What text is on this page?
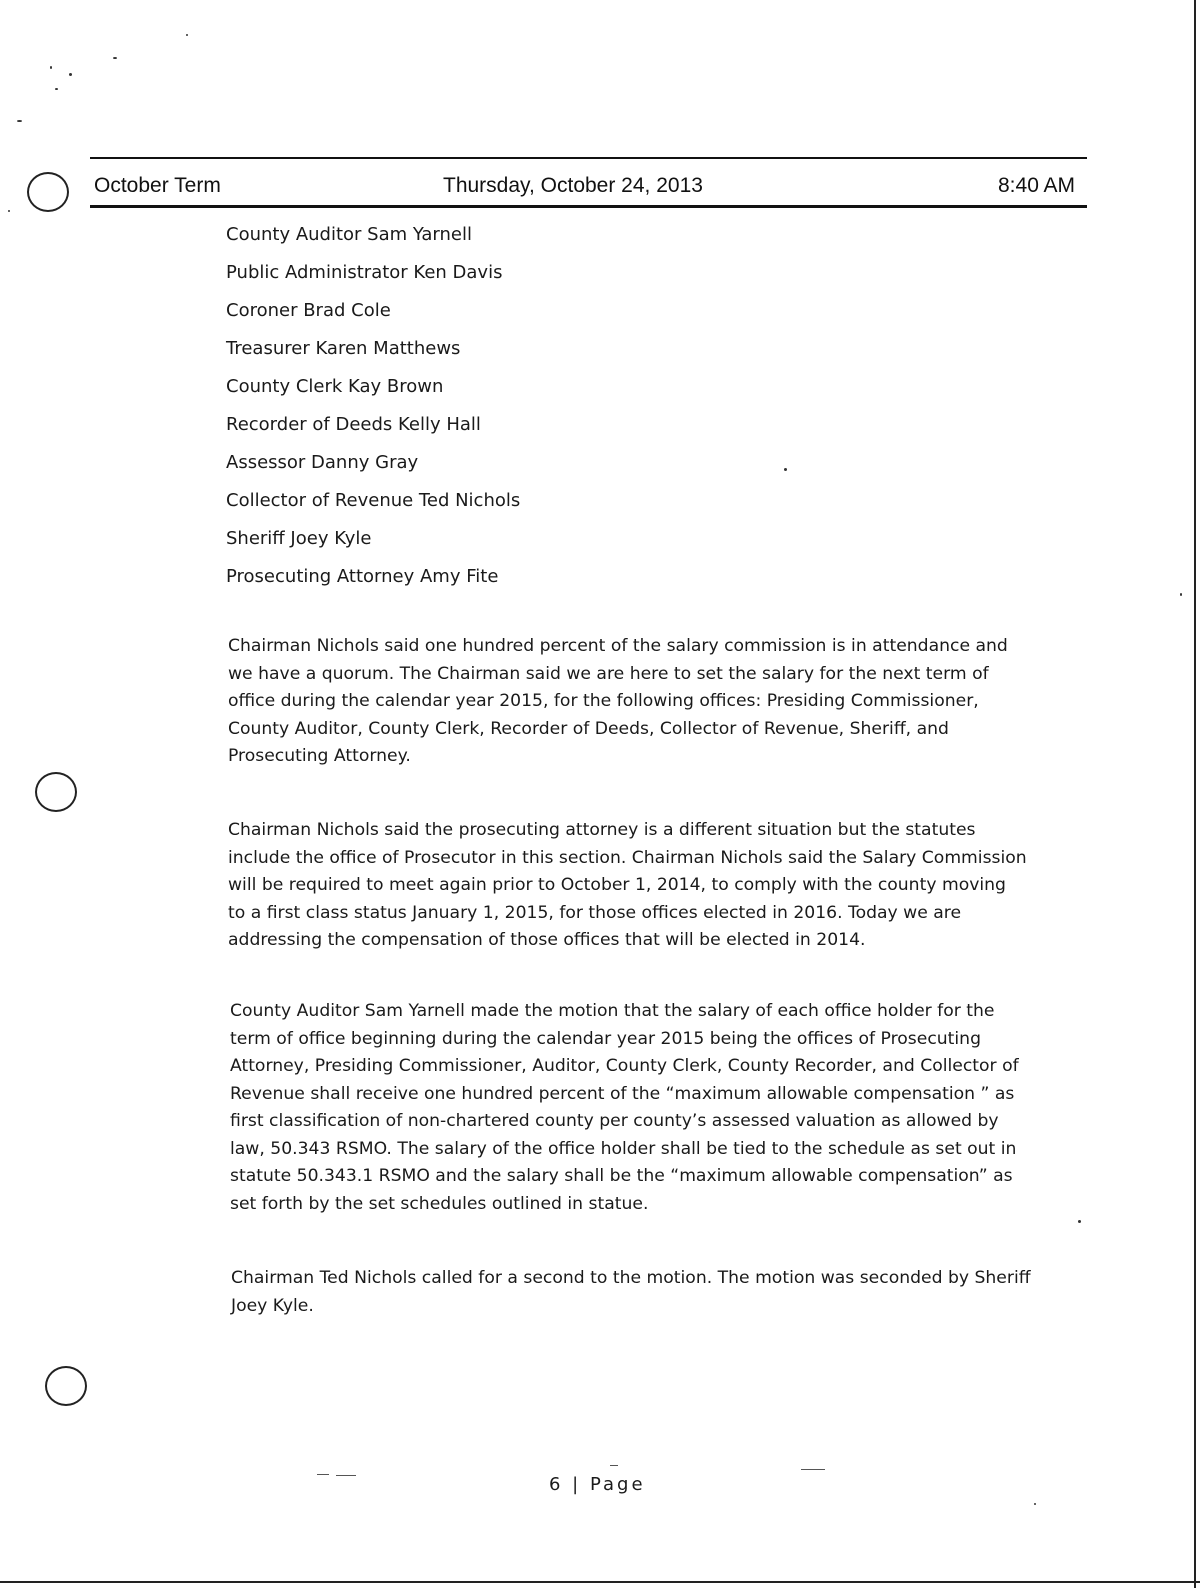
October Term	Thursday, October 24, 2013	8:40 AM
County Auditor Sam Yarnell
Public Administrator Ken Davis
Coroner Brad Cole
Treasurer Karen Matthews
County Clerk Kay Brown
Recorder of Deeds Kelly Hall
Assessor Danny Gray
Collector of Revenue Ted Nichols
Sheriff Joey Kyle
Prosecuting Attorney Amy Fite

Chairman Nichols said one hundred percent of the salary commission is in attendance and we have a quorum. The Chairman said we are here to set the salary for the next term of office during the calendar year 2015, for the following offices: Presiding Commissioner, County Auditor, County Clerk, Recorder of Deeds, Collector of Revenue, Sheriff, and Prosecuting Attorney.

Chairman Nichols said the prosecuting attorney is a different situation but the statutes include the office of Prosecutor in this section. Chairman Nichols said the Salary Commission will be required to meet again prior to October 1, 2014, to comply with the county moving to a first class status January 1, 2015, for those offices elected in 2016. Today we are addressing the compensation of those offices that will be elected in 2014.

County Auditor Sam Yarnell made the motion that the salary of each office holder for the term of office beginning during the calendar year 2015 being the offices of Prosecuting Attorney, Presiding Commissioner, Auditor, County Clerk, County Recorder, and Collector of Revenue shall receive one hundred percent of the “maximum allowable compensation ” as first classification of non-chartered county per county’s assessed valuation as allowed by law, 50.343 RSMO. The salary of the office holder shall be tied to the schedule as set out in statute 50.343.1 RSMO and the salary shall be the “maximum allowable compensation” as set forth by the set schedules outlined in statue.

Chairman Ted Nichols called for a second to the motion. The motion was seconded by Sheriff Joey Kyle.

6 | Page
